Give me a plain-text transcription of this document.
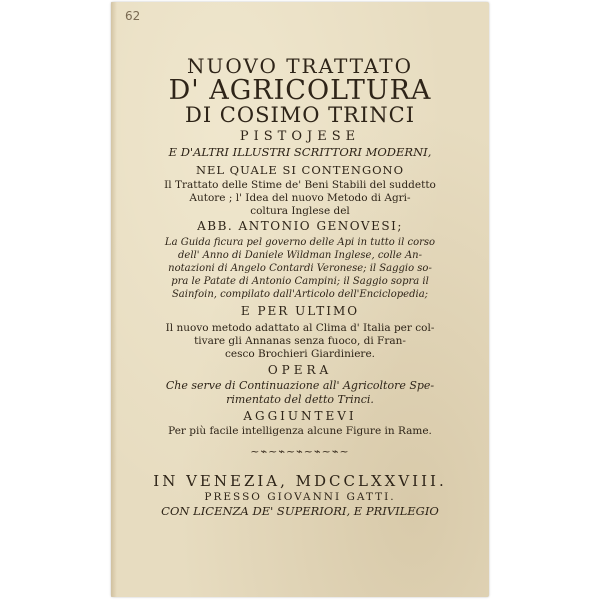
62
NUOVO TRATTATO
D' AGRICOLTURA
DI COSIMO TRINCI
PISTOJESE
E D'ALTRI ILLUSTRI SCRITTORI MODERNI,
NEL QUALE SI CONTENGONO
Il Trattato delle Stime de' Beni Stabili del suddetto
Autore ; l' Idea del nuovo Metodo di Agri-
coltura Inglese del
ABB. ANTONIO GENOVESI;
La Guida ficura pel governo delle Api in tutto il corso
dell' Anno di Daniele Wildman Inglese, colle An-
notazioni di Angelo Contardi Veronese; il Saggio so-
pra le Patate di Antonio Campini; il Saggio sopra il
Sainfoin, compilato dall'Articolo dell'Enciclopedia;
E PER ULTIMO
Il nuovo metodo adattato al Clima d' Italia per col-
tivare gli Annanas senza fuoco, di Fran-
cesco Brochieri Giardiniere.
OPERA
Che serve di Continuazione all' Agricoltore Spe-
rimentato del detto Trinci.
AGGIUNTEVI
Per più facile intelligenza alcune Figure in Rame.
~⌁~⌁~⌁~⌁~⌁~
IN VENEZIA, MDCCLXXVIII.
PRESSO GIOVANNI GATTI.
CON LICENZA DE' SUPERIORI, E PRIVILEGIO
